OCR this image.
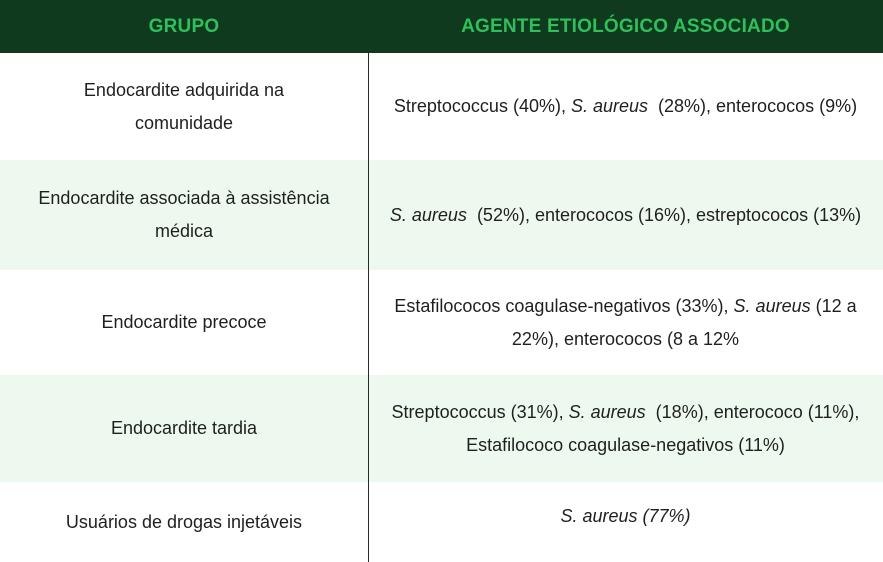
GRUPO	AGENTE ETIOLÓGICO ASSOCIADO
Endocardite adquirida na comunidade
Streptococcus (40%), S. aureus  (28%), enterococos (9%)
Endocardite associada à assistência médica
S. aureus  (52%), enterococos (16%), estreptococos (13%)
Endocardite precoce
Estafilococos coagulase-negativos (33%), S. aureus (12 a 22%), enterococos (8 a 12%
Endocardite tardia
Streptococcus (31%), S. aureus  (18%), enterococo (11%), Estafilococo coagulase-negativos (11%)
Usuários de drogas injetáveis	S. aureus (77%)
